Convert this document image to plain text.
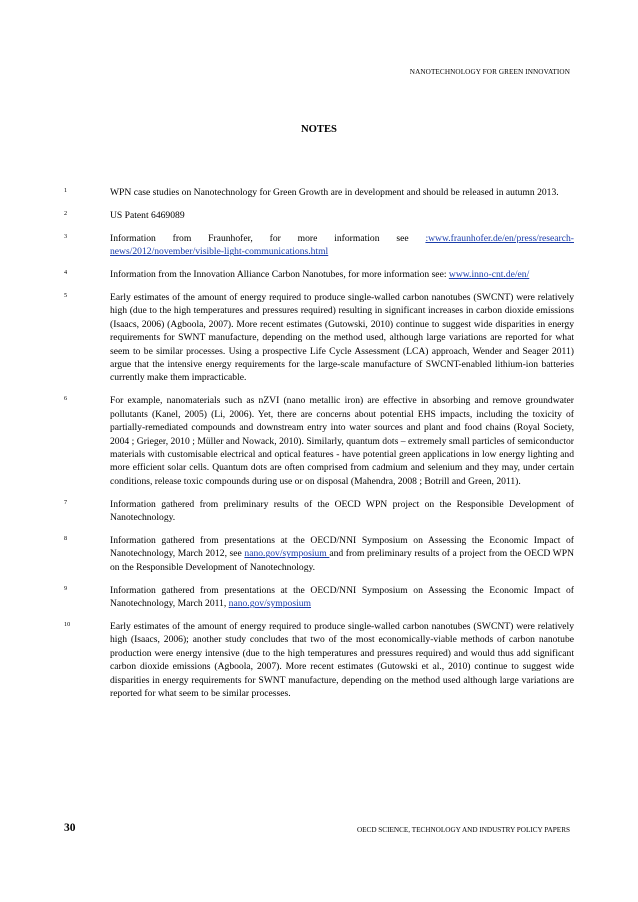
NANOTECHNOLOGY FOR GREEN INNOVATION
NOTES
1	WPN case studies on Nanotechnology for Green Growth are in development and should be released in autumn 2013.
2	US Patent 6469089
3	Information from Fraunhofer, for more information see :www.fraunhofer.de/en/press/research-news/2012/november/visible-light-communications.html
4	Information from the Innovation Alliance Carbon Nanotubes, for more information see: www.inno-cnt.de/en/
5	Early estimates of the amount of energy required to produce single-walled carbon nanotubes (SWCNT) were relatively high (due to the high temperatures and pressures required) resulting in significant increases in carbon dioxide emissions (Isaacs, 2006) (Agboola, 2007). More recent estimates (Gutowski, 2010) continue to suggest wide disparities in energy requirements for SWNT manufacture, depending on the method used, although large variations are reported for what seem to be similar processes. Using a prospective Life Cycle Assessment (LCA) approach, Wender and Seager 2011) argue that the intensive energy requirements for the large-scale manufacture of SWCNT-enabled lithium-ion batteries currently make them impracticable.
6	For example, nanomaterials such as nZVI (nano metallic iron) are effective in absorbing and remove groundwater pollutants (Kanel, 2005) (Li, 2006). Yet, there are concerns about potential EHS impacts, including the toxicity of partially-remediated compounds and downstream entry into water sources and plant and food chains (Royal Society, 2004 ; Grieger, 2010 ; Müller and Nowack, 2010). Similarly, quantum dots – extremely small particles of semiconductor materials with customisable electrical and optical features - have potential green applications in low energy lighting and more efficient solar cells. Quantum dots are often comprised from cadmium and selenium and they may, under certain conditions, release toxic compounds during use or on disposal (Mahendra, 2008 ; Botrill and Green, 2011).
7	Information gathered from preliminary results of the OECD WPN project on the Responsible Development of Nanotechnology.
8	Information gathered from presentations at the OECD/NNI Symposium on Assessing the Economic Impact of Nanotechnology, March 2012, see nano.gov/symposium and from preliminary results of a project from the OECD WPN on the Responsible Development of Nanotechnology.
9	Information gathered from presentations at the OECD/NNI Symposium on Assessing the Economic Impact of Nanotechnology, March 2011, nano.gov/symposium
10	Early estimates of the amount of energy required to produce single-walled carbon nanotubes (SWCNT) were relatively high (Isaacs, 2006); another study concludes that two of the most economically-viable methods of carbon nanotube production were energy intensive (due to the high temperatures and pressures required) and would thus add significant carbon dioxide emissions (Agboola, 2007). More recent estimates (Gutowski et al., 2010) continue to suggest wide disparities in energy requirements for SWNT manufacture, depending on the method used although large variations are reported for what seem to be similar processes.
30	OECD SCIENCE, TECHNOLOGY AND INDUSTRY POLICY PAPERS
